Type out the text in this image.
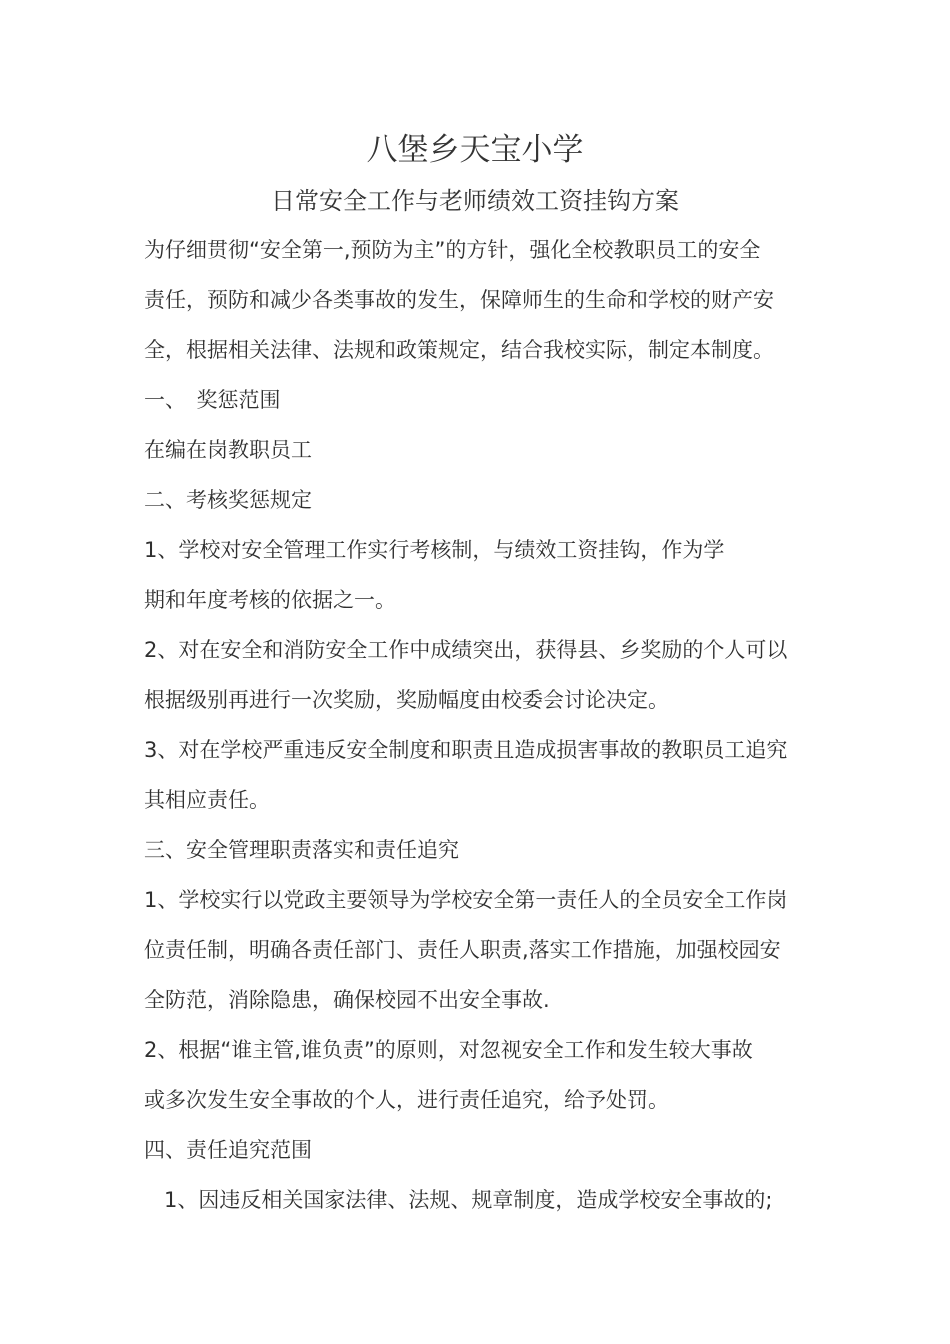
八堡乡天宝小学
日常安全工作与老师绩效工资挂钩方案
为仔细贯彻“安全第一,预防为主”的方针，强化全校教职员工的安全
责任，预防和减少各类事故的发生，保障师生的生命和学校的财产安
全，根据相关法律、法规和政策规定，结合我校实际，制定本制度。
一、　奖惩范围
在编在岗教职员工
二、考核奖惩规定
1、学校对安全管理工作实行考核制，与绩效工资挂钩，作为学
期和年度考核的依据之一。
2、对在安全和消防安全工作中成绩突出，获得县、乡奖励的个人可以
根据级别再进行一次奖励，奖励幅度由校委会讨论决定。
3、对在学校严重违反安全制度和职责且造成损害事故的教职员工追究
其相应责任。
三、安全管理职责落实和责任追究
1、学校实行以党政主要领导为学校安全第一责任人的全员安全工作岗
位责任制，明确各责任部门、责任人职责,落实工作措施，加强校园安
全防范，消除隐患，确保校园不出安全事故.
2、根据“谁主管,谁负责”的原则，对忽视安全工作和发生较大事故
或多次发生安全事故的个人，进行责任追究，给予处罚。
四、责任追究范围
1、因违反相关国家法律、法规、规章制度，造成学校安全事故的;
